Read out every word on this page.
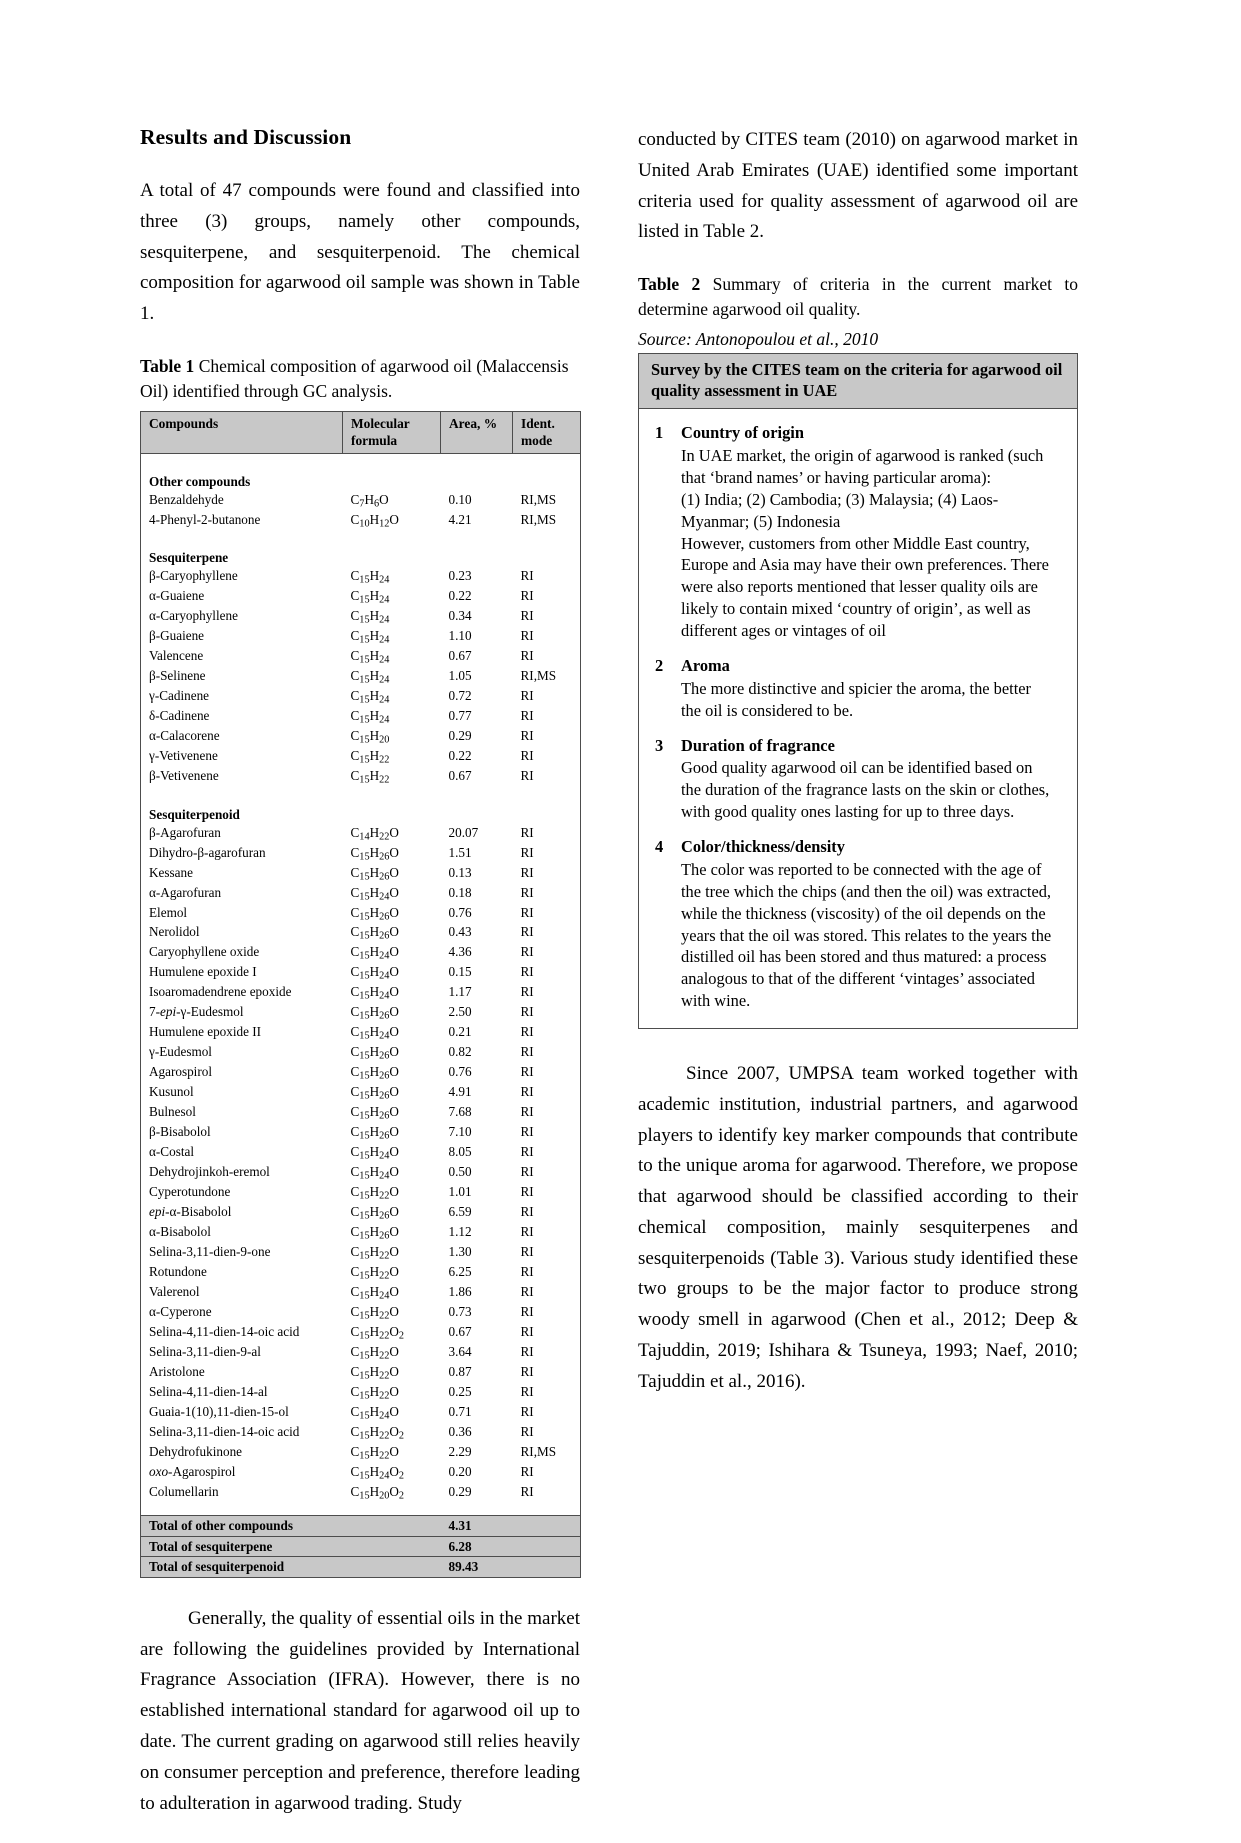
Results and Discussion

A total of 47 compounds were found and classified into three (3) groups, namely other compounds, sesquiterpene, and sesquiterpenoid. The chemical composition for agarwood oil sample was shown in Table 1.

Table 1 Chemical composition of agarwood oil (Malaccensis Oil) identified through GC analysis.

Compounds	Molecular formula	Area, %	Ident. mode

Other compounds			
Benzaldehyde	$C_7H_6O$	0.10	RI,MS
4-Phenyl-2-butanone	$C_{10}H_{12}O$	4.21	RI,MS

Sesquiterpene			
β-Caryophyllene	$C_{15}H_{24}$	0.23	RI
α-Guaiene	$C_{15}H_{24}$	0.22	RI
α-Caryophyllene	$C_{15}H_{24}$	0.34	RI
β-Guaiene	$C_{15}H_{24}$	1.10	RI
Valencene	$C_{15}H_{24}$	0.67	RI
β-Selinene	$C_{15}H_{24}$	1.05	RI,MS
γ-Cadinene	$C_{15}H_{24}$	0.72	RI
δ-Cadinene	$C_{15}H_{24}$	0.77	RI
α-Calacorene	$C_{15}H_{20}$	0.29	RI
γ-Vetivenene	$C_{15}H_{22}$	0.22	RI
β-Vetivenene	$C_{15}H_{22}$	0.67	RI

Sesquiterpenoid			
β-Agarofuran	$C_{14}H_{22}O$	20.07	RI
Dihydro-β-agarofuran	$C_{15}H_{26}O$	1.51	RI
Kessane	$C_{15}H_{26}O$	0.13	RI
α-Agarofuran	$C_{15}H_{24}O$	0.18	RI
Elemol	$C_{15}H_{26}O$	0.76	RI
Nerolidol	$C_{15}H_{26}O$	0.43	RI
Caryophyllene oxide	$C_{15}H_{24}O$	4.36	RI
Humulene epoxide I	$C_{15}H_{24}O$	0.15	RI
Isoaromadendrene epoxide	$C_{15}H_{24}O$	1.17	RI
7-epi-γ-Eudesmol	$C_{15}H_{26}O$	2.50	RI
Humulene epoxide II	$C_{15}H_{24}O$	0.21	RI
γ-Eudesmol	$C_{15}H_{26}O$	0.82	RI
Agarospirol	$C_{15}H_{26}O$	0.76	RI
Kusunol	$C_{15}H_{26}O$	4.91	RI
Bulnesol	$C_{15}H_{26}O$	7.68	RI
β-Bisabolol	$C_{15}H_{26}O$	7.10	RI
α-Costal	$C_{15}H_{24}O$	8.05	RI
Dehydrojinkoh-eremol	$C_{15}H_{24}O$	0.50	RI
Cyperotundone	$C_{15}H_{22}O$	1.01	RI
epi-α-Bisabolol	$C_{15}H_{26}O$	6.59	RI
α-Bisabolol	$C_{15}H_{26}O$	1.12	RI
Selina-3,11-dien-9-one	$C_{15}H_{22}O$	1.30	RI
Rotundone	$C_{15}H_{22}O$	6.25	RI
Valerenol	$C_{15}H_{24}O$	1.86	RI
α-Cyperone	$C_{15}H_{22}O$	0.73	RI
Selina-4,11-dien-14-oic acid	$C_{15}H_{22}O_2$	0.67	RI
Selina-3,11-dien-9-al	$C_{15}H_{22}O$	3.64	RI
Aristolone	$C_{15}H_{22}O$	0.87	RI
Selina-4,11-dien-14-al	$C_{15}H_{22}O$	0.25	RI
Guaia-1(10),11-dien-15-ol	$C_{15}H_{24}O$	0.71	RI
Selina-3,11-dien-14-oic acid	$C_{15}H_{22}O_2$	0.36	RI
Dehydrofukinone	$C_{15}H_{22}O$	2.29	RI,MS
oxo-Agarospirol	$C_{15}H_{24}O_2$	0.20	RI
Columellarin	$C_{15}H_{20}O_2$	0.29	RI

Total of other compounds		4.31	
Total of sesquiterpene		6.28	
Total of sesquiterpenoid		89.43	

Generally, the quality of essential oils in the market are following the guidelines provided by International Fragrance Association (IFRA). However, there is no established international standard for agarwood oil up to date. The current grading on agarwood still relies heavily on consumer perception and preference, therefore leading to adulteration in agarwood trading. Study

conducted by CITES team (2010) on agarwood market in United Arab Emirates (UAE) identified some important criteria used for quality assessment of agarwood oil are listed in Table 2.

Table 2 Summary of criteria in the current market to determine agarwood oil quality.

Source: Antonopoulou et al., 2010

Survey by the CITES team on the criteria for agarwood oil quality assessment in UAE
1	Country of origin
In UAE market, the origin of agarwood is ranked (such
that ‘brand names’ or having particular aroma):
(1) India; (2) Cambodia; (3) Malaysia; (4) Laos-
Myanmar; (5) Indonesia
However, customers from other Middle East country,
Europe and Asia may have their own preferences. There
were also reports mentioned that lesser quality oils are
likely to contain mixed ‘country of origin’, as well as
different ages or vintages of oil
2	Aroma
The more distinctive and spicier the aroma, the better
the oil is considered to be.
3	Duration of fragrance
Good quality agarwood oil can be identified based on
the duration of the fragrance lasts on the skin or clothes,
with good quality ones lasting for up to three days.
4	Color/thickness/density
The color was reported to be connected with the age of
the tree which the chips (and then the oil) was extracted,
while the thickness (viscosity) of the oil depends on the
years that the oil was stored. This relates to the years the
distilled oil has been stored and thus matured: a process
analogous to that of the different ‘vintages’ associated
with wine.

Since 2007, UMPSA team worked together with academic institution, industrial partners, and agarwood players to identify key marker compounds that contribute to the unique aroma for agarwood. Therefore, we propose that agarwood should be classified according to their chemical composition, mainly sesquiterpenes and sesquiterpenoids (Table 3). Various study identified these two groups to be the major factor to produce strong woody smell in agarwood (Chen et al., 2012; Deep & Tajuddin, 2019; Ishihara & Tsuneya, 1993; Naef, 2010; Tajuddin et al., 2016).
